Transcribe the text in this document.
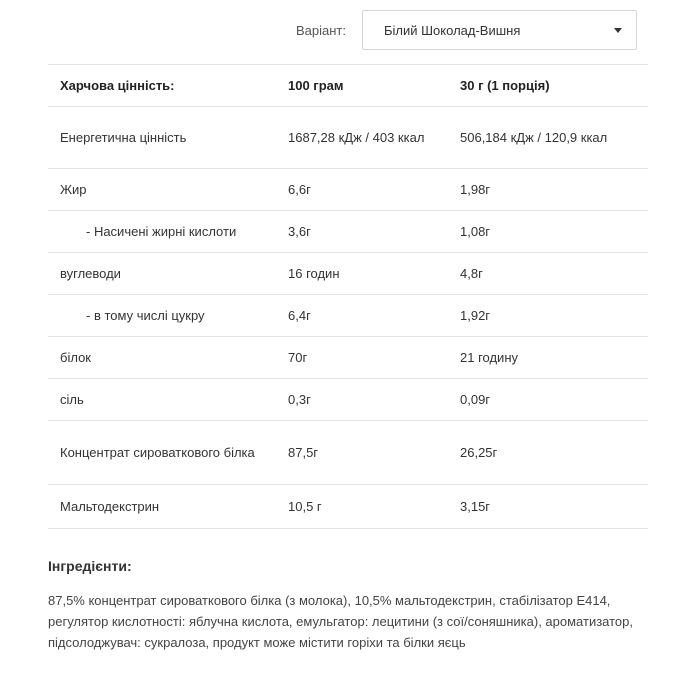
Варіант:	Білий Шоколад-Вишня
Харчова цінність:	100 грам	30 г (1 порція)
Енергетична цінність	1687,28 кДж / 403 ккал	506,184 кДж / 120,9 ккал
Жир	6,6г	1,98г
- Насичені жирні кислоти	3,6г	1,08г
вуглеводи	16 годин	4,8г
- в тому числі цукру	6,4г	1,92г
білок	70г	21 годину
сіль	0,3г	0,09г
Концентрат сироваткового білка	87,5г	26,25г
Мальтодекстрин	10,5 г	3,15г
Інгредієнти:
87,5% концентрат сироваткового білка (з молока), 10,5% мальтодекстрин, стабілізатор E414, регулятор кислотності: яблучна кислота, емульгатор: лецитини (з сої/соняшника), ароматизатор, підсолоджувач: сукралоза, продукт може містити горіхи та білки яєць
